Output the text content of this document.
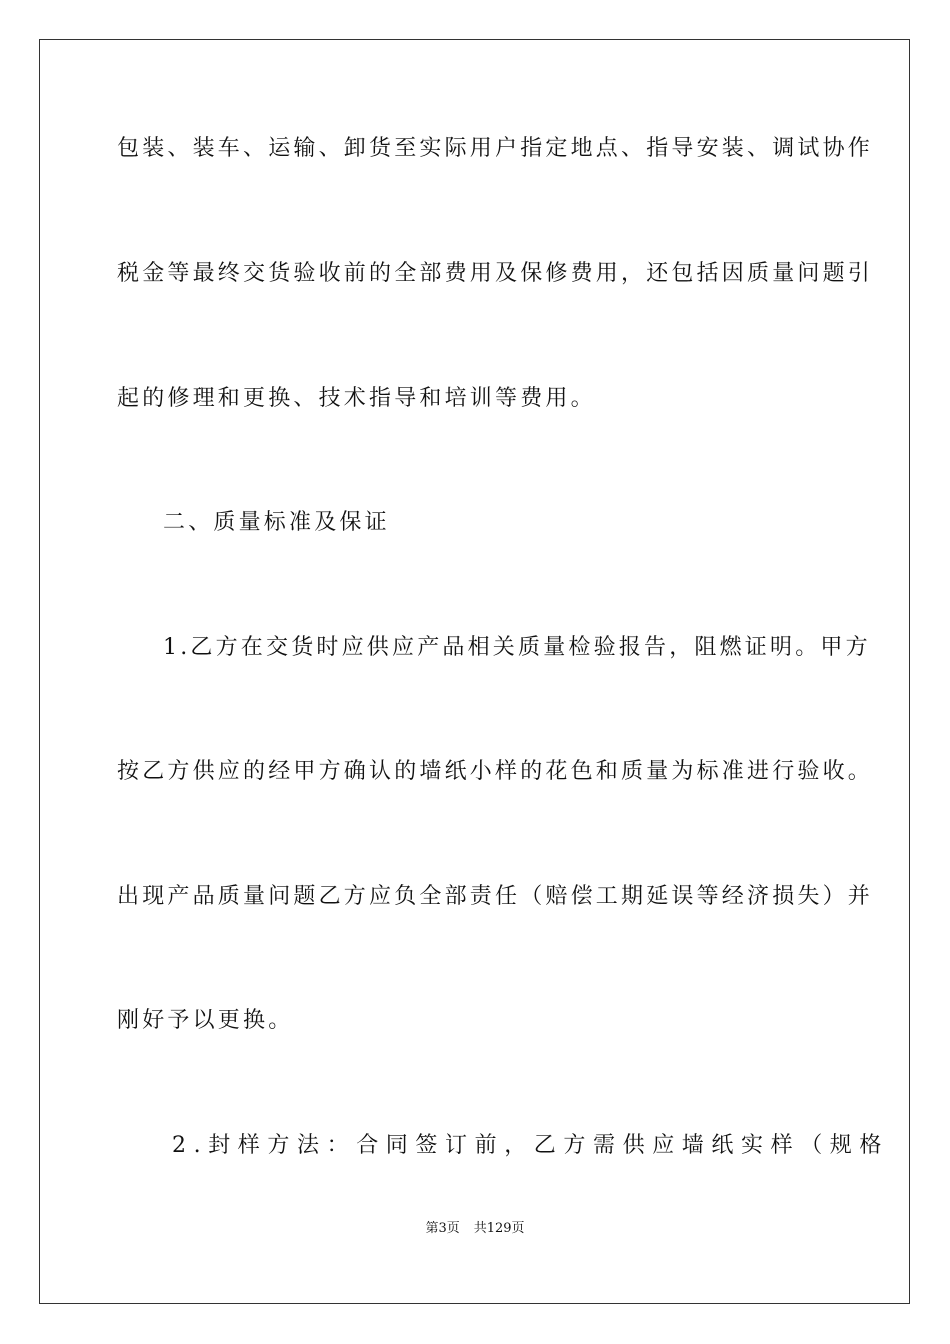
包装、装车、运输、卸货至实际用户指定地点、指导安装、调试协作
税金等最终交货验收前的全部费用及保修费用，还包括因质量问题引
起的修理和更换、技术指导和培训等费用。
二、质量标准及保证
1.乙方在交货时应供应产品相关质量检验报告，阻燃证明。甲方
按乙方供应的经甲方确认的墙纸小样的花色和质量为标准进行验收。
出现产品质量问题乙方应负全部责任（赔偿工期延误等经济损失）并
刚好予以更换。
2.封样方法：合同签订前，乙方需供应墙纸实样（规格
第3页 共129页
